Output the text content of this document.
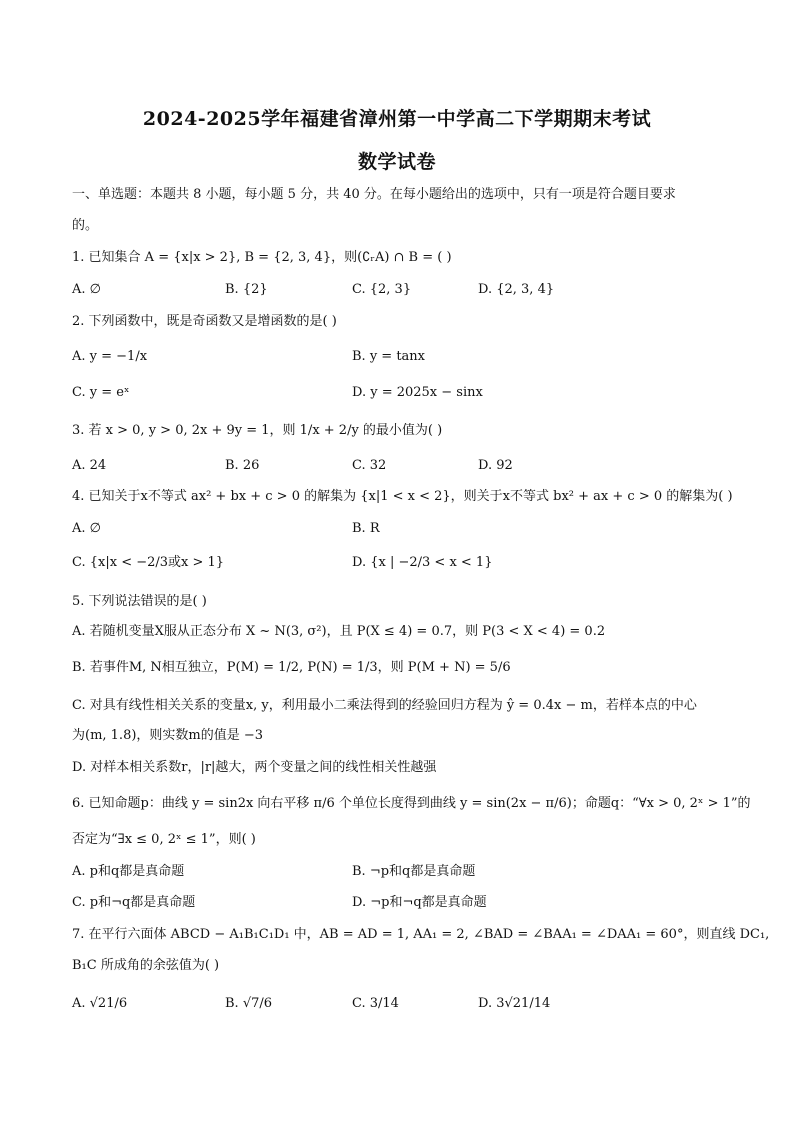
2024-2025学年福建省漳州第一中学高二下学期期末考试
数学试卷
一、单选题：本题共 8 小题，每小题 5 分，共 40 分。在每小题给出的选项中，只有一项是符合题目要求
的。
1. 已知集合 A = {x|x > 2}, B = {2, 3, 4}，则(∁ᵣA) ∩ B = ( )
A. ∅	B. {2}	C. {2, 3}	D. {2, 3, 4}
2. 下列函数中，既是奇函数又是增函数的是( )
A. y = −1/x	B. y = tanx
C. y = eˣ	D. y = 2025x − sinx
3. 若 x > 0, y > 0, 2x + 9y = 1，则 1/x + 2/y 的最小值为( )
A. 24	B. 26	C. 32	D. 92
4. 已知关于x不等式 ax² + bx + c > 0 的解集为 {x|1 < x < 2}，则关于x不等式 bx² + ax + c > 0 的解集为( )
A. ∅	B. R
C. {x|x < −2/3或x > 1}	D. {x | −2/3 < x < 1}
5. 下列说法错误的是( )
A. 若随机变量X服从正态分布 X ~ N(3, σ²)，且 P(X ≤ 4) = 0.7，则 P(3 < X < 4) = 0.2
B. 若事件M, N相互独立，P(M) = 1/2, P(N) = 1/3，则 P(M + N) = 5/6
C. 对具有线性相关关系的变量x, y，利用最小二乘法得到的经验回归方程为 ŷ = 0.4x − m，若样本点的中心
为(m, 1.8)，则实数m的值是 −3
D. 对样本相关系数r，|r|越大，两个变量之间的线性相关性越强
6. 已知命题p：曲线 y = sin2x 向右平移 π/6 个单位长度得到曲线 y = sin(2x − π/6)；命题q：“∀x > 0, 2ˣ > 1”的
否定为“∃x ≤ 0, 2ˣ ≤ 1”，则( )
A. p和q都是真命题	B. ¬p和q都是真命题
C. p和¬q都是真命题	D. ¬p和¬q都是真命题
7. 在平行六面体 ABCD − A₁B₁C₁D₁ 中，AB = AD = 1, AA₁ = 2, ∠BAD = ∠BAA₁ = ∠DAA₁ = 60°，则直线 DC₁,
B₁C 所成角的余弦值为( )
A. √21/6	B. √7/6	C. 3/14	D. 3√21/14
